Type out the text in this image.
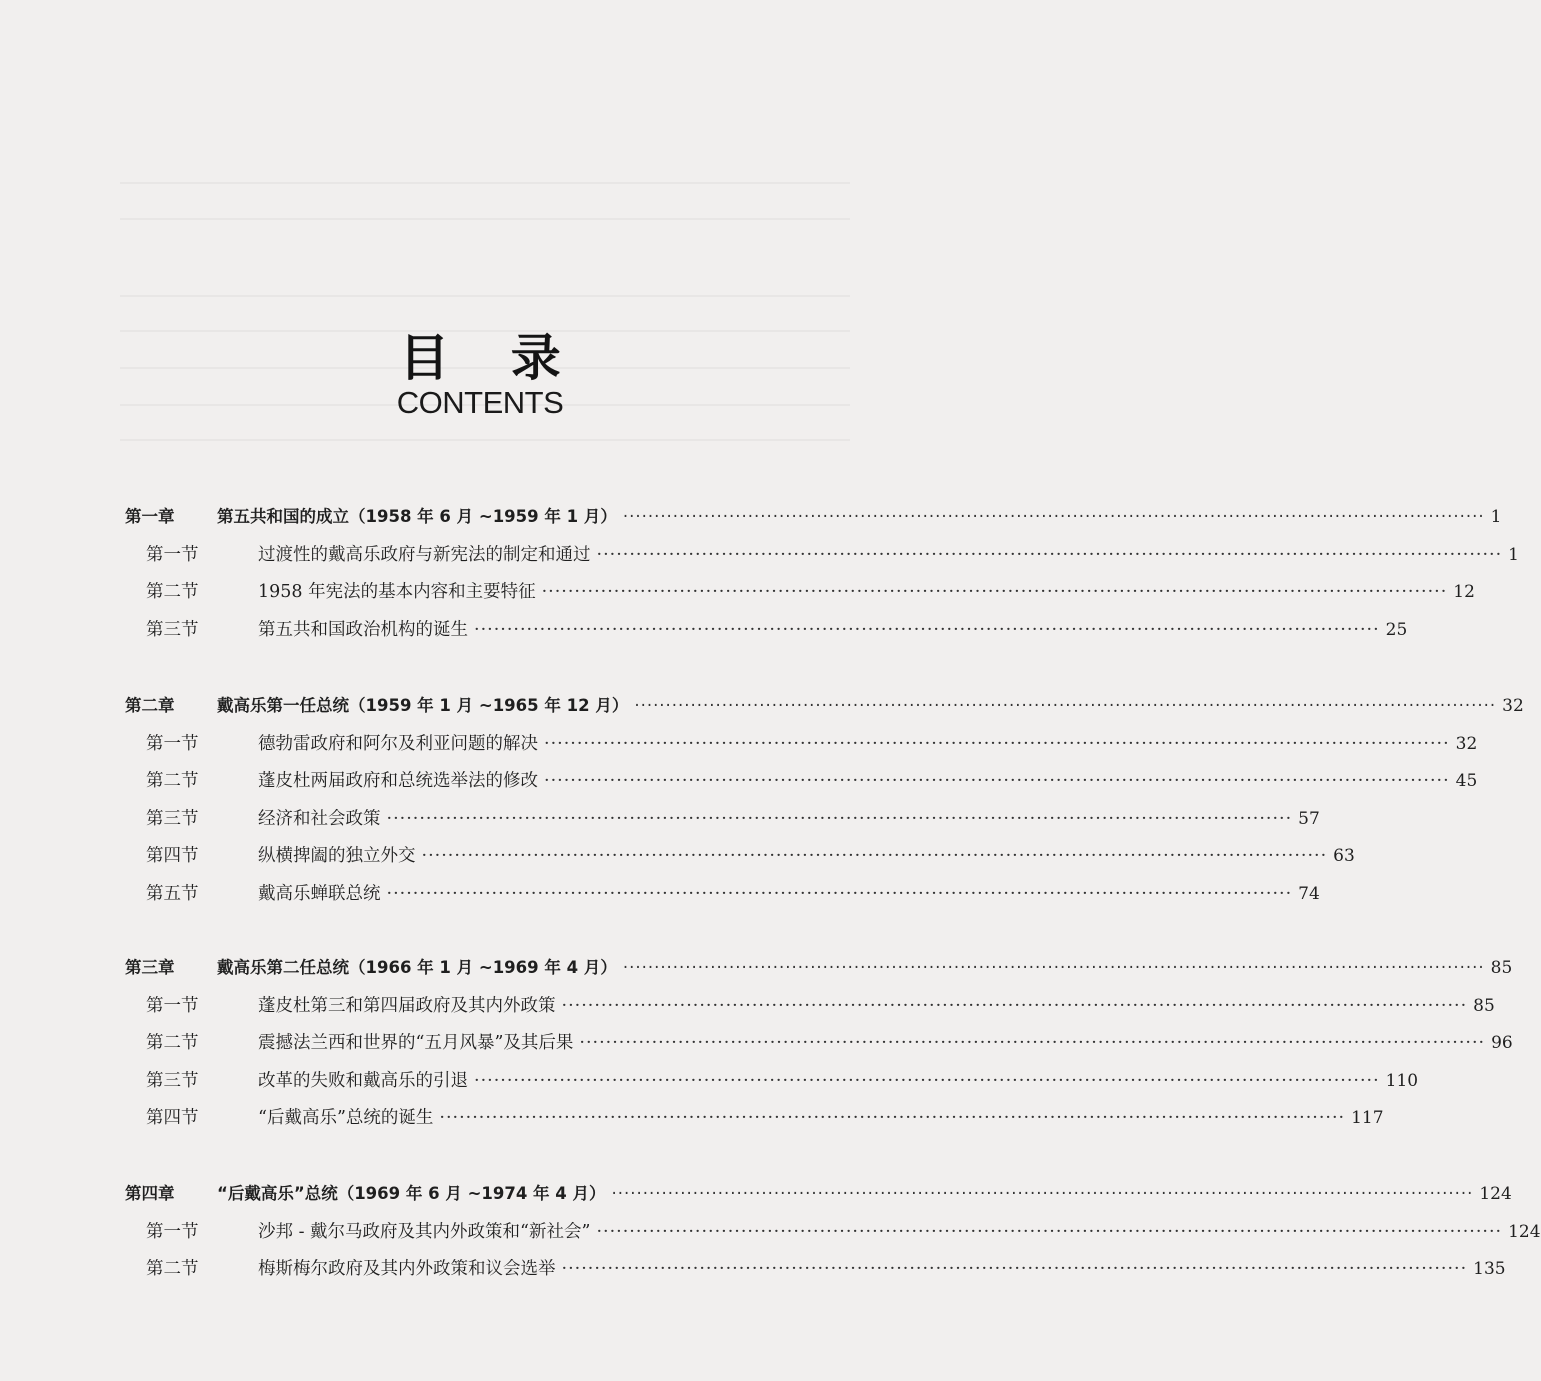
目 录
CONTENTS
第一章	第五共和国的成立（1958 年 6 月 ~1959 年 1 月） ·····	1
第一节	过渡性的戴高乐政府与新宪法的制定和通过 ·····	1
第二节	1958 年宪法的基本内容和主要特征 ·····	12
第三节	第五共和国政治机构的诞生 ·····	25
第二章	戴高乐第一任总统（1959 年 1 月 ~1965 年 12 月） ·····	32
第一节	德勃雷政府和阿尔及利亚问题的解决 ·····	32
第二节	蓬皮杜两届政府和总统选举法的修改 ·····	45
第三节	经济和社会政策 ·····	57
第四节	纵横捭阖的独立外交 ·····	63
第五节	戴高乐蝉联总统 ·····	74
第三章	戴高乐第二任总统（1966 年 1 月 ~1969 年 4 月） ·····	85
第一节	蓬皮杜第三和第四届政府及其内外政策 ·····	85
第二节	震撼法兰西和世界的“五月风暴”及其后果 ·····	96
第三节	改革的失败和戴高乐的引退 ·····	110
第四节	“后戴高乐”总统的诞生 ·····	117
第四章	“后戴高乐”总统（1969 年 6 月 ~1974 年 4 月） ·····	124
第一节	沙邦 - 戴尔马政府及其内外政策和“新社会” ·····	124
第二节	梅斯梅尔政府及其内外政策和议会选举 ·····	135
